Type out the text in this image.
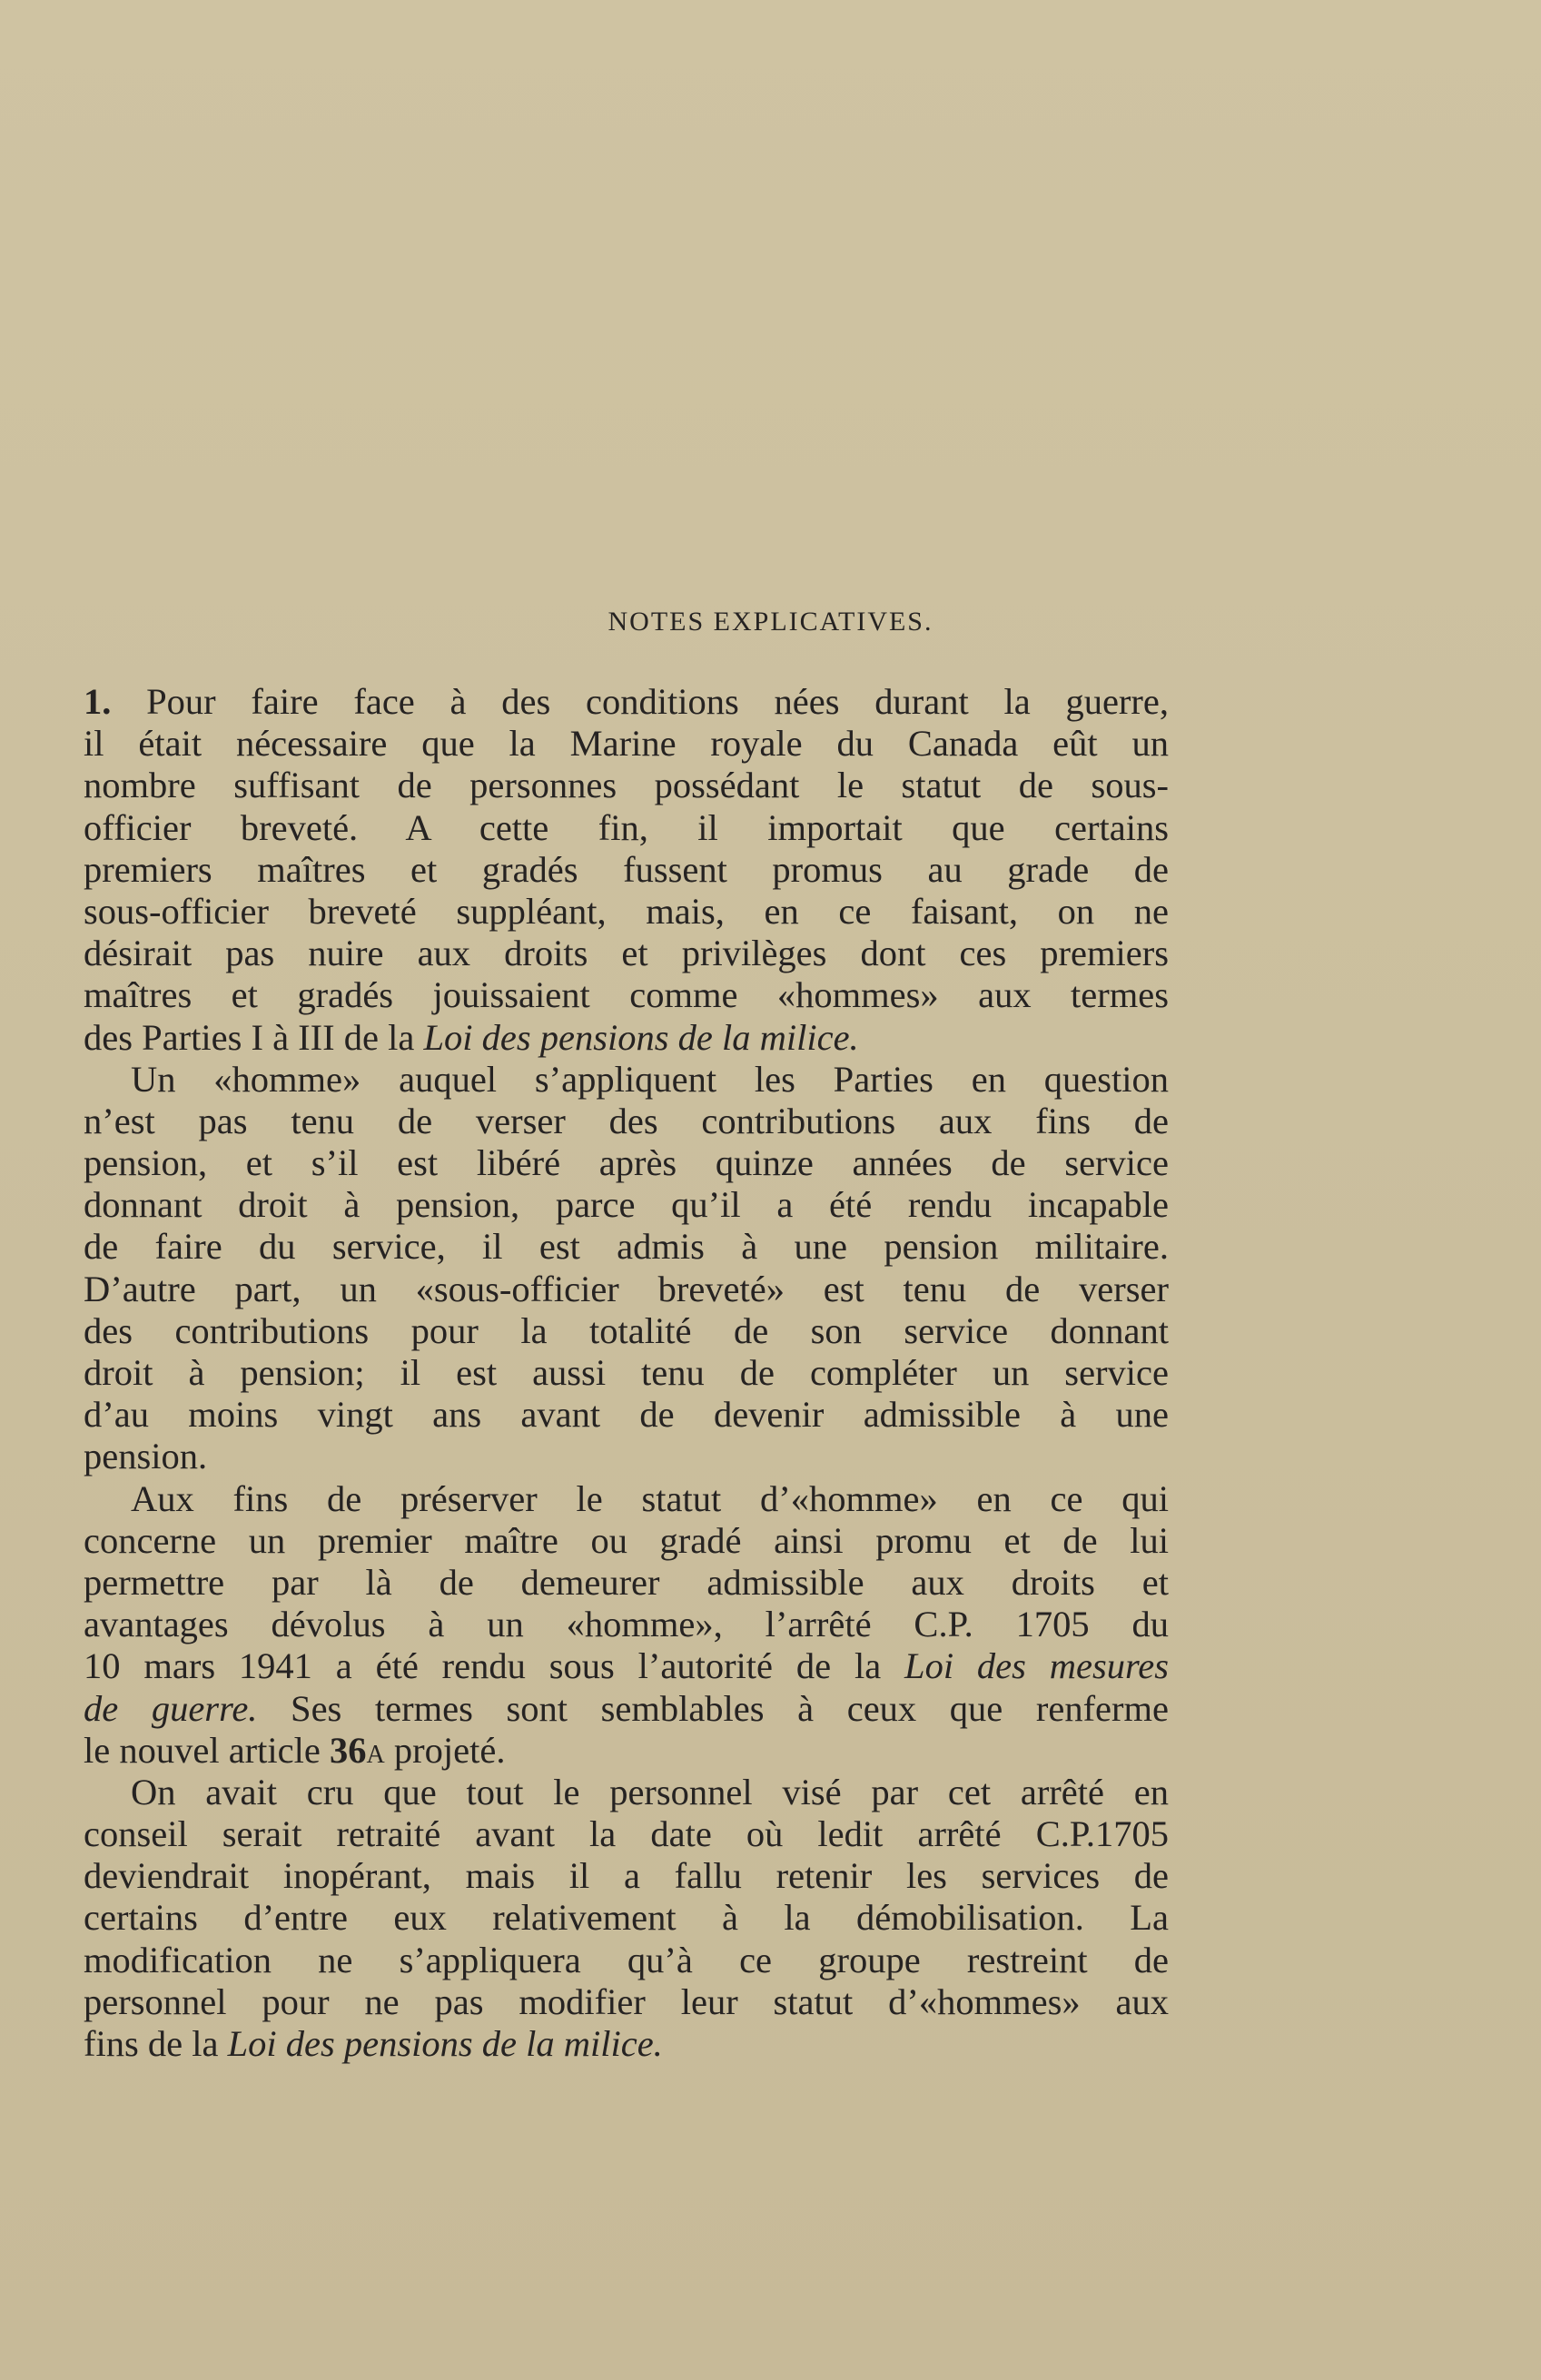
NOTES EXPLICATIVES.
1. Pour faire face à des conditions nées durant la guerre,
il était nécessaire que la Marine royale du Canada eût un
nombre suffisant de personnes possédant le statut de sous-
officier breveté. A cette fin, il importait que certains
premiers maîtres et gradés fussent promus au grade de
sous-officier breveté suppléant, mais, en ce faisant, on ne
désirait pas nuire aux droits et privilèges dont ces premiers
maîtres et gradés jouissaient comme «hommes» aux termes
des Parties I à III de la Loi des pensions de la milice.
Un «homme» auquel s’appliquent les Parties en question
n’est pas tenu de verser des contributions aux fins de
pension, et s’il est libéré après quinze années de service
donnant droit à pension, parce qu’il a été rendu incapable
de faire du service, il est admis à une pension militaire.
D’autre part, un «sous-officier breveté» est tenu de verser
des contributions pour la totalité de son service donnant
droit à pension; il est aussi tenu de compléter un service
d’au moins vingt ans avant de devenir admissible à une
pension.
Aux fins de préserver le statut d’«homme» en ce qui
concerne un premier maître ou gradé ainsi promu et de lui
permettre par là de demeurer admissible aux droits et
avantages dévolus à un «homme», l’arrêté C.P. 1705 du
10 mars 1941 a été rendu sous l’autorité de la Loi des mesures
de guerre. Ses termes sont semblables à ceux que renferme
le nouvel article 36a projeté.
On avait cru que tout le personnel visé par cet arrêté en
conseil serait retraité avant la date où ledit arrêté C.P.1705
deviendrait inopérant, mais il a fallu retenir les services de
certains d’entre eux relativement à la démobilisation. La
modification ne s’appliquera qu’à ce groupe restreint de
personnel pour ne pas modifier leur statut d’«hommes» aux
fins de la Loi des pensions de la milice.
